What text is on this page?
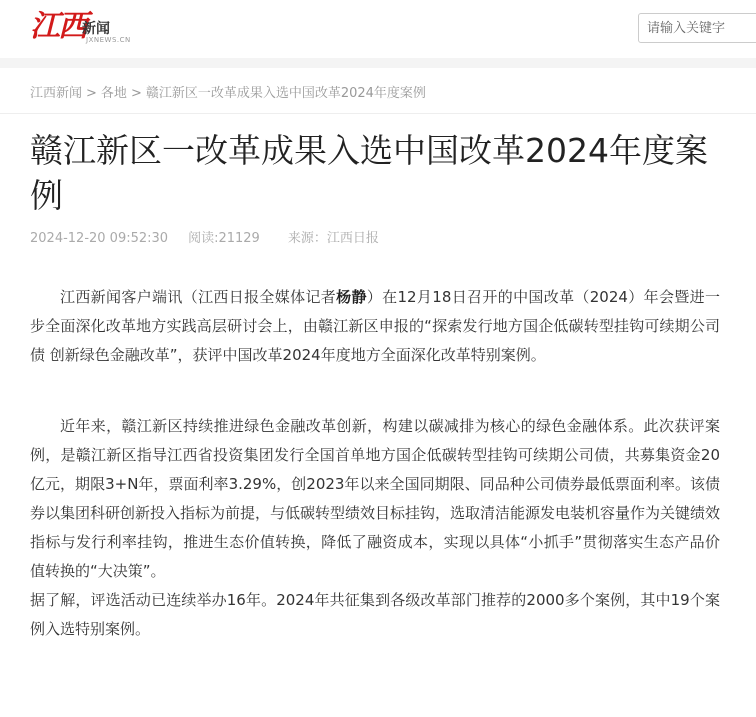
江西
新闻
JXNEWS.CN
请输入关键字
江西新闻 > 各地 > 赣江新区一改革成果入选中国改革2024年度案例
赣江新区一改革成果入选中国改革2024年度案例
2024-12-20 09:52:30 阅读:21129 来源：江西日报

江西新闻客户端讯（江西日报全媒体记者杨静）在12月18日召开的中国改革（2024）年会暨进一步全面深化改革地方实践高层研讨会上，由赣江新区申报的“探索发行地方国企低碳转型挂钩可续期公司债 创新绿色金融改革”，获评中国改革2024年度地方全面深化改革特别案例。

近年来，赣江新区持续推进绿色金融改革创新，构建以碳减排为核心的绿色金融体系。此次获评案例，是赣江新区指导江西省投资集团发行全国首单地方国企低碳转型挂钩可续期公司债，共募集资金20亿元，期限3+N年，票面利率3.29%，创2023年以来全国同期限、同品种公司债券最低票面利率。该债券以集团科研创新投入指标为前提，与低碳转型绩效目标挂钩，选取清洁能源发电装机容量作为关键绩效指标与发行利率挂钩，推进生态价值转换，降低了融资成本，实现以具体“小抓手”贯彻落实生态产品价值转换的“大决策”。

据了解，评选活动已连续举办16年。2024年共征集到各级改革部门推荐的2000多个案例，其中19个案例入选特别案例。
